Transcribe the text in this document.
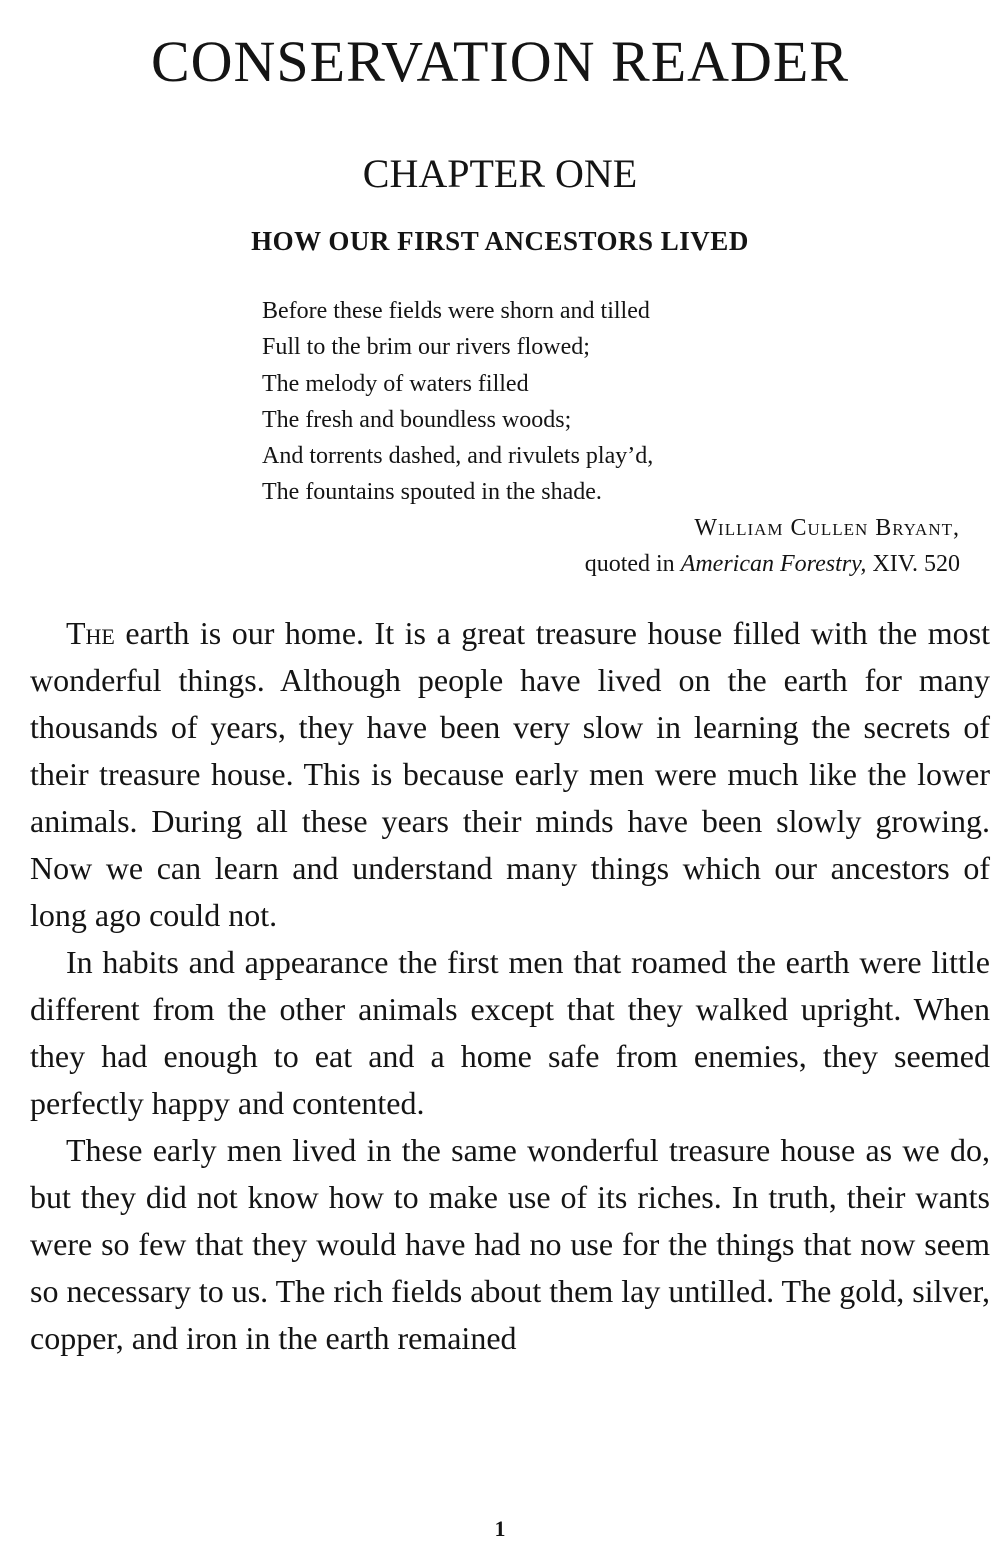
CONSERVATION READER
CHAPTER ONE
HOW OUR FIRST ANCESTORS LIVED
Before these fields were shorn and tilled
Full to the brim our rivers flowed;
The melody of waters filled
The fresh and boundless woods;
And torrents dashed, and rivulets play’d,
The fountains spouted in the shade.
William Cullen Bryant,
quoted in American Forestry, XIV. 520

The earth is our home. It is a great treasure house filled with the most wonderful things. Although people have lived on the earth for many thousands of years, they have been very slow in learning the secrets of their treasure house. This is because early men were much like the lower animals. During all these years their minds have been slowly growing. Now we can learn and understand many things which our ancestors of long ago could not.

In habits and appearance the first men that roamed the earth were little different from the other animals except that they walked upright. When they had enough to eat and a home safe from enemies, they seemed perfectly happy and contented.

These early men lived in the same wonderful treasure house as we do, but they did not know how to make use of its riches. In truth, their wants were so few that they would have had no use for the things that now seem so necessary to us. The rich fields about them lay untilled. The gold, silver, copper, and iron in the earth remained

1
